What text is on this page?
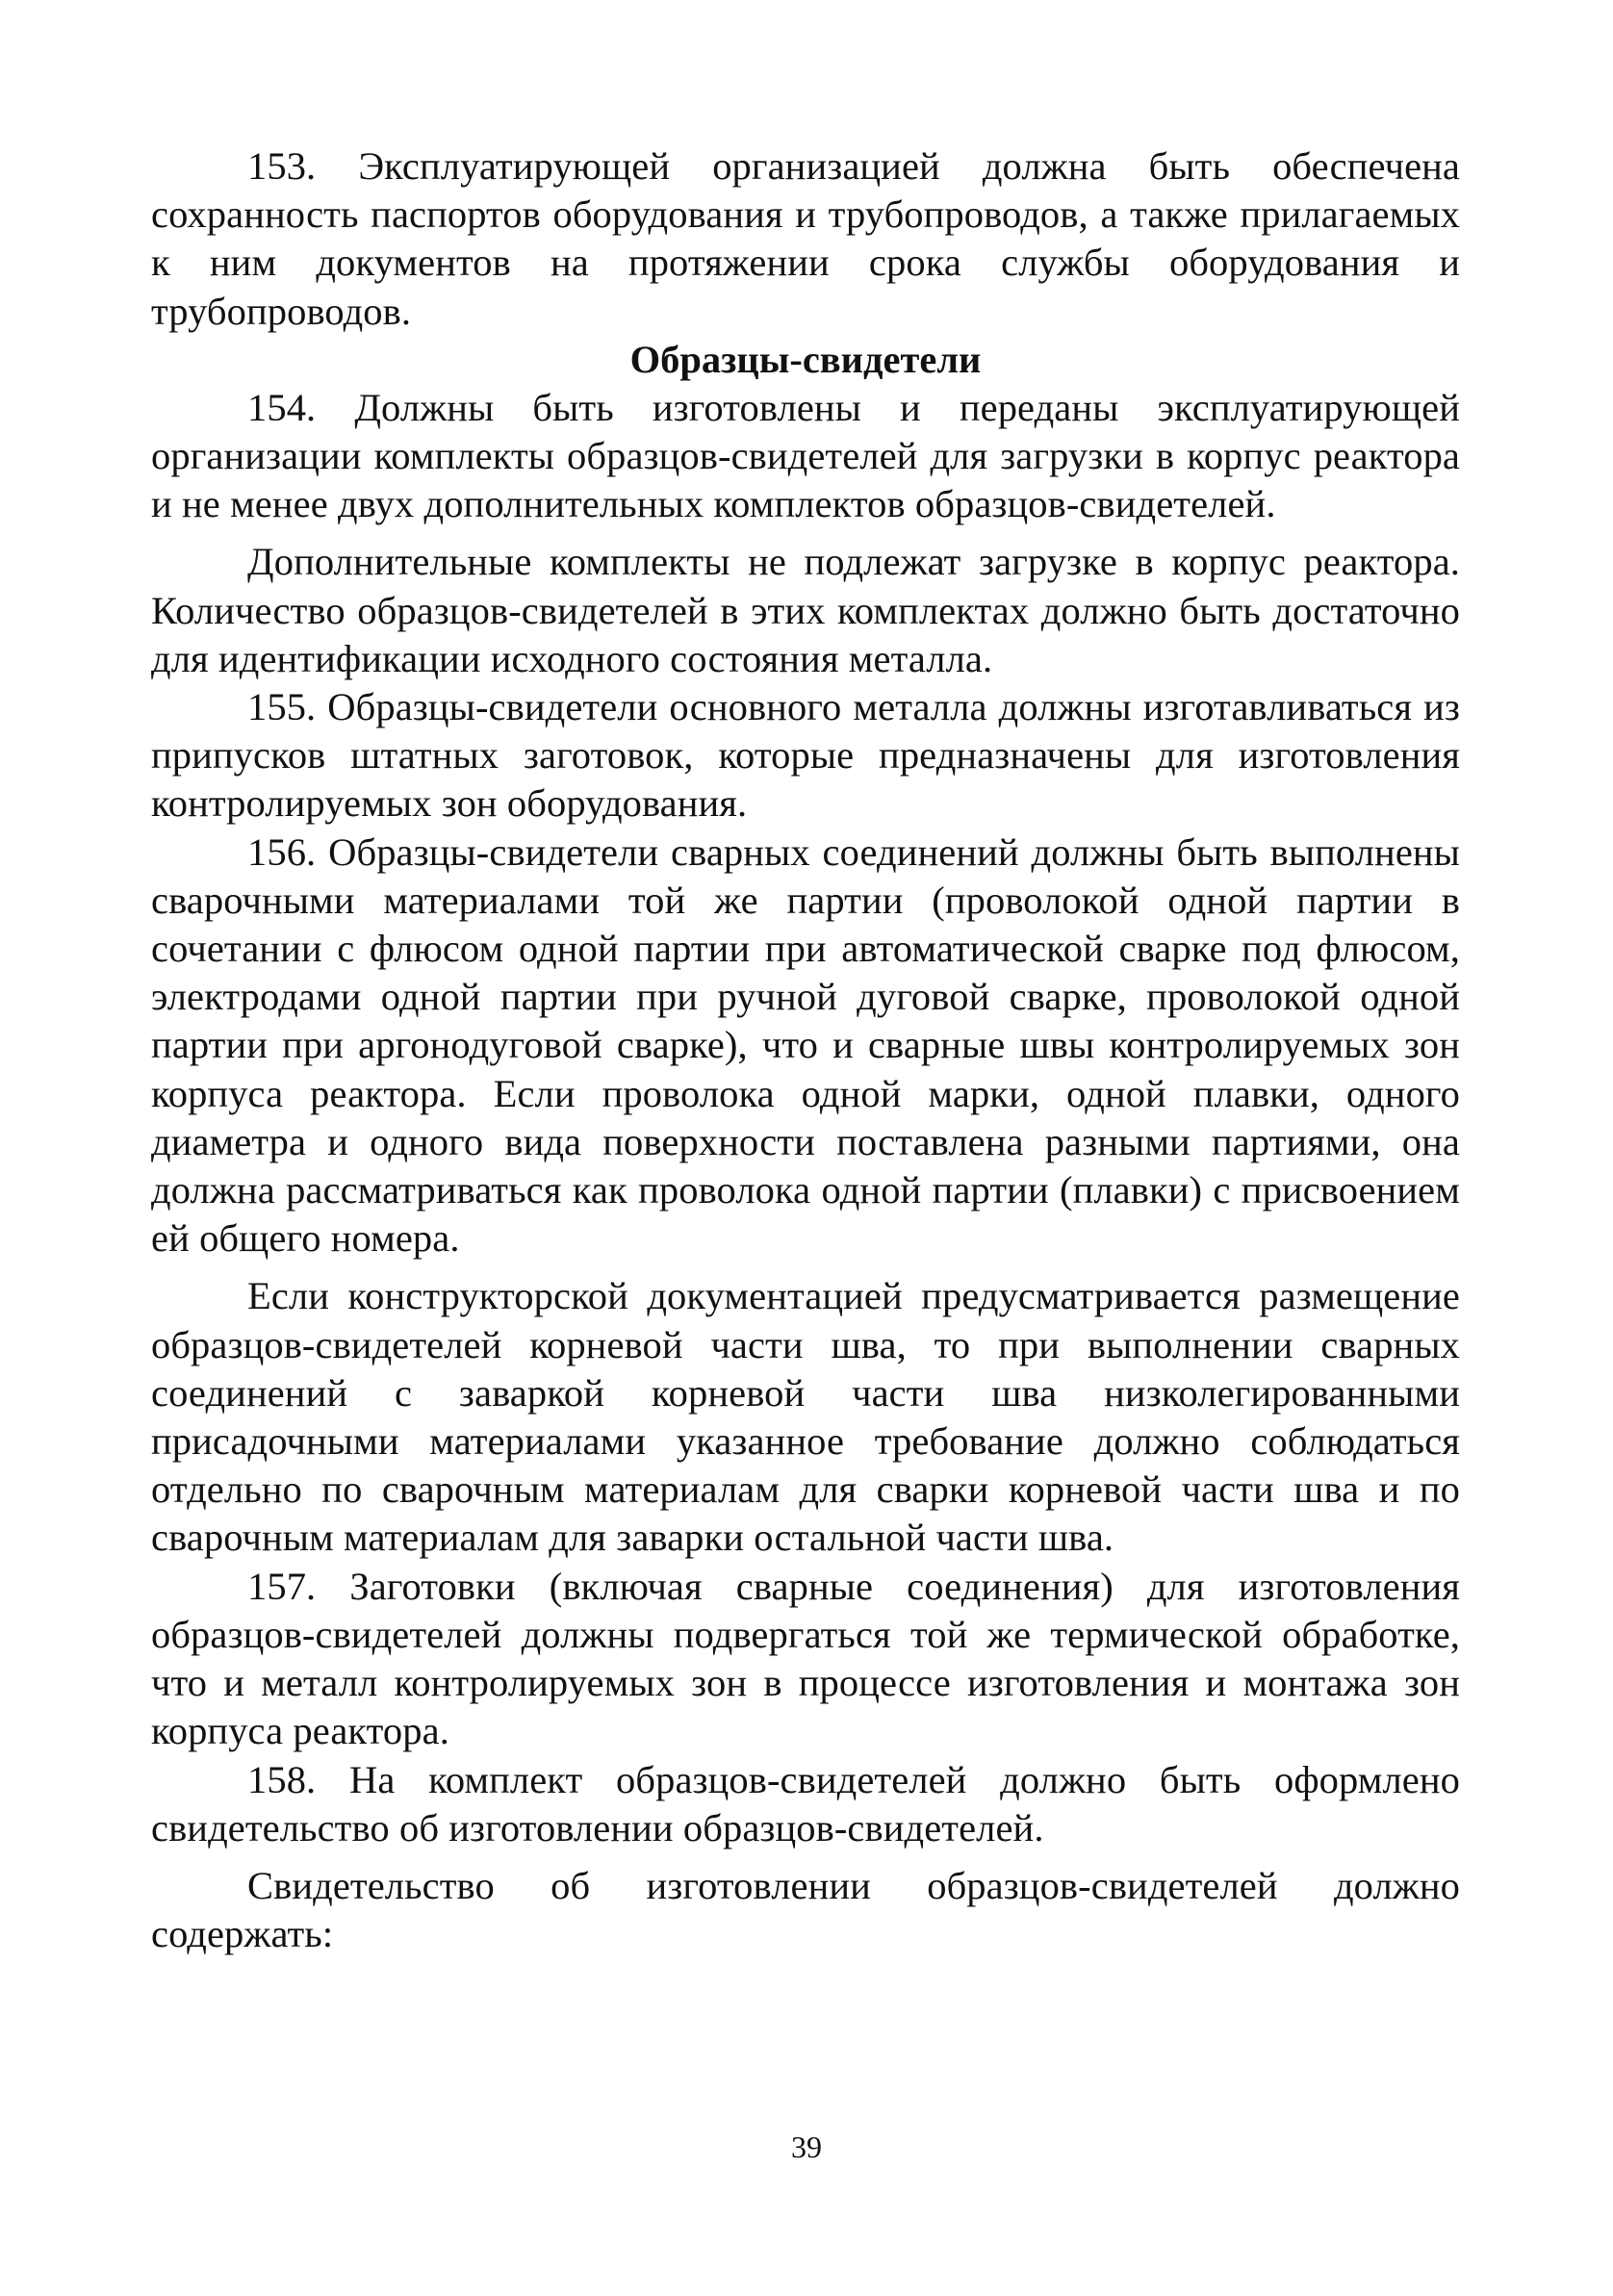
153. Эксплуатирующей организацией должна быть обеспечена сохранность паспортов оборудования и трубопроводов, а также прилагаемых к ним документов на протяжении срока службы оборудования и трубопроводов.

Образцы-свидетели

154. Должны быть изготовлены и переданы эксплуатирующей организации комплекты образцов-свидетелей для загрузки в корпус реактора и не менее двух дополнительных комплектов образцов-свидетелей.

Дополнительные комплекты не подлежат загрузке в корпус реактора. Количество образцов-свидетелей в этих комплектах должно быть достаточно для идентификации исходного состояния металла.

155. Образцы-свидетели основного металла должны изготавливаться из припусков штатных заготовок, которые предназначены для изготовления контролируемых зон оборудования.

156. Образцы-свидетели сварных соединений должны быть выполнены сварочными материалами той же партии (проволокой одной партии в сочетании с флюсом одной партии при автоматической сварке под флюсом, электродами одной партии при ручной дуговой сварке, проволокой одной партии при аргонодуговой сварке), что и сварные швы контролируемых зон корпуса реактора. Если проволока одной марки, одной плавки, одного диаметра и одного вида поверхности поставлена разными партиями, она должна рассматриваться как проволока одной партии (плавки) с присвоением ей общего номера.

Если конструкторской документацией предусматривается размещение образцов-свидетелей корневой части шва, то при выполнении сварных соединений с заваркой корневой части шва низколегированными присадочными материалами указанное требование должно соблюдаться отдельно по сварочным материалам для сварки корневой части шва и по сварочным материалам для заварки остальной части шва.

157. Заготовки (включая сварные соединения) для изготовления образцов-свидетелей должны подвергаться той же термической обработке, что и металл контролируемых зон в процессе изготовления и монтажа зон корпуса реактора.

158. На комплект образцов-свидетелей должно быть оформлено свидетельство об изготовлении образцов-свидетелей.

Свидетельство об изготовлении образцов-свидетелей должно содержать:

39
